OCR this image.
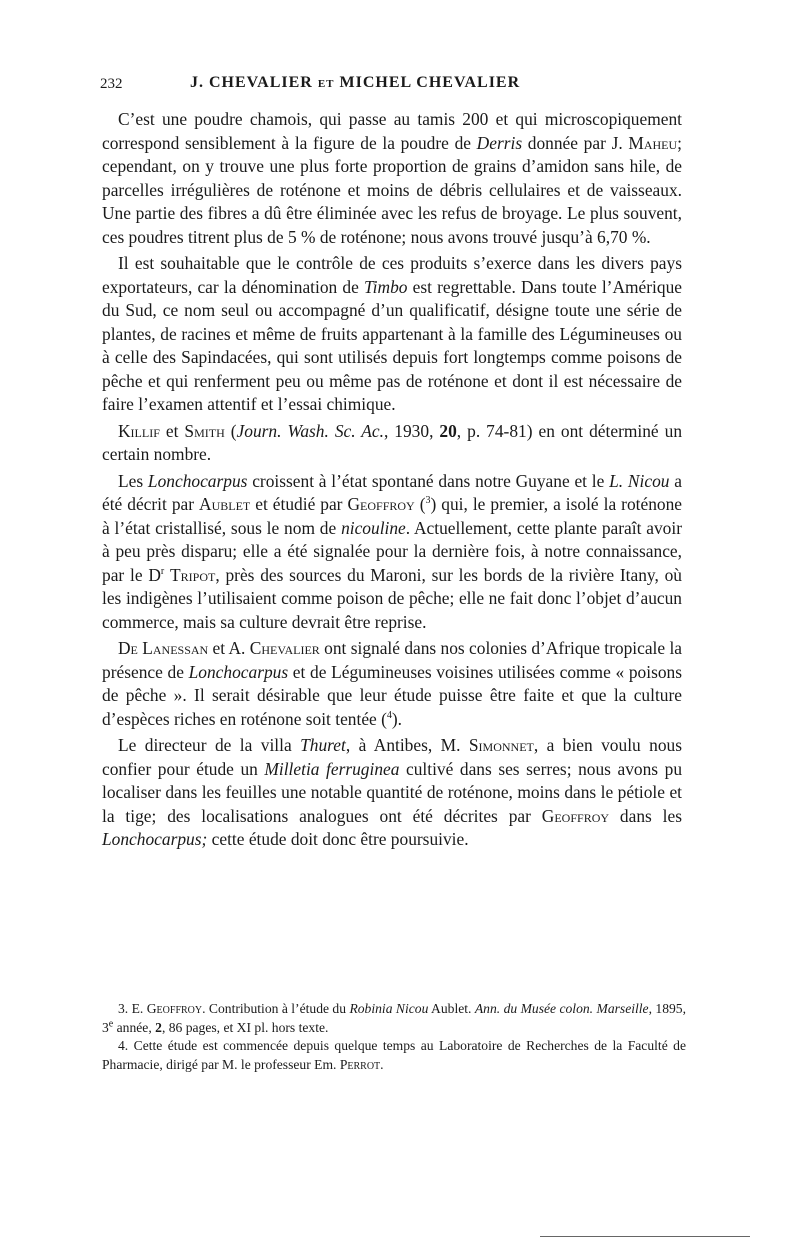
232	J. CHEVALIER et MICHEL CHEVALIER

C’est une poudre chamois, qui passe au tamis 200 et qui microscopiquement correspond sensiblement à la figure de la poudre de Derris donnée par J. Maheu; cependant, on y trouve une plus forte proportion de grains d’amidon sans hile, de parcelles irrégulières de roténone et moins de débris cellulaires et de vaisseaux. Une partie des fibres a dû être éliminée avec les refus de broyage. Le plus souvent, ces poudres titrent plus de 5 % de roténone; nous avons trouvé jusqu’à 6,70 %.

Il est souhaitable que le contrôle de ces produits s’exerce dans les divers pays exportateurs, car la dénomination de Timbo est regrettable. Dans toute l’Amérique du Sud, ce nom seul ou accompagné d’un qualificatif, désigne toute une série de plantes, de racines et même de fruits appartenant à la famille des Légumineuses ou à celle des Sapindacées, qui sont utilisés depuis fort longtemps comme poisons de pêche et qui renferment peu ou même pas de roténone et dont il est nécessaire de faire l’examen attentif et l’essai chimique.

Killif et Smith (Journ. Wash. Sc. Ac., 1930, 20, p. 74-81) en ont déterminé un certain nombre.

Les Lonchocarpus croissent à l’état spontané dans notre Guyane et le L. Nicou a été décrit par Aublet et étudié par Geoffroy ($^3$) qui, le premier, a isolé la roténone à l’état cristallisé, sous le nom de nicouline. Actuellement, cette plante paraît avoir à peu près disparu; elle a été signalée pour la dernière fois, à notre connaissance, par le $D^r$ Tripot, près des sources du Maroni, sur les bords de la rivière Itany, où les indigènes l’utilisaient comme poison de pêche; elle ne fait donc l’objet d’aucun commerce, mais sa culture devrait être reprise.

De Lanessan et A. Chevalier ont signalé dans nos colonies d’Afrique tropicale la présence de Lonchocarpus et de Légumineuses voisines utilisées comme « poisons de pêche ». Il serait désirable que leur étude puisse être faite et que la culture d’espèces riches en roténone soit tentée ($^4$).

Le directeur de la villa Thuret, à Antibes, M. Simonnet, a bien voulu nous confier pour étude un Milletia ferruginea cultivé dans ses serres; nous avons pu localiser dans les feuilles une notable quantité de roténone, moins dans le pétiole et la tige; des localisations analogues ont été décrites par Geoffroy dans les Lonchocarpus; cette étude doit donc être poursuivie.

3. E. Geoffroy. Contribution à l’étude du Robinia Nicou Aublet. Ann. du Musée colon. Marseille, 1895, 3e année, 2, 86 pages, et XI pl. hors texte.

4. Cette étude est commencée depuis quelque temps au Laboratoire de Recherches de la Faculté de Pharmacie, dirigé par M. le professeur Em. Perrot.
